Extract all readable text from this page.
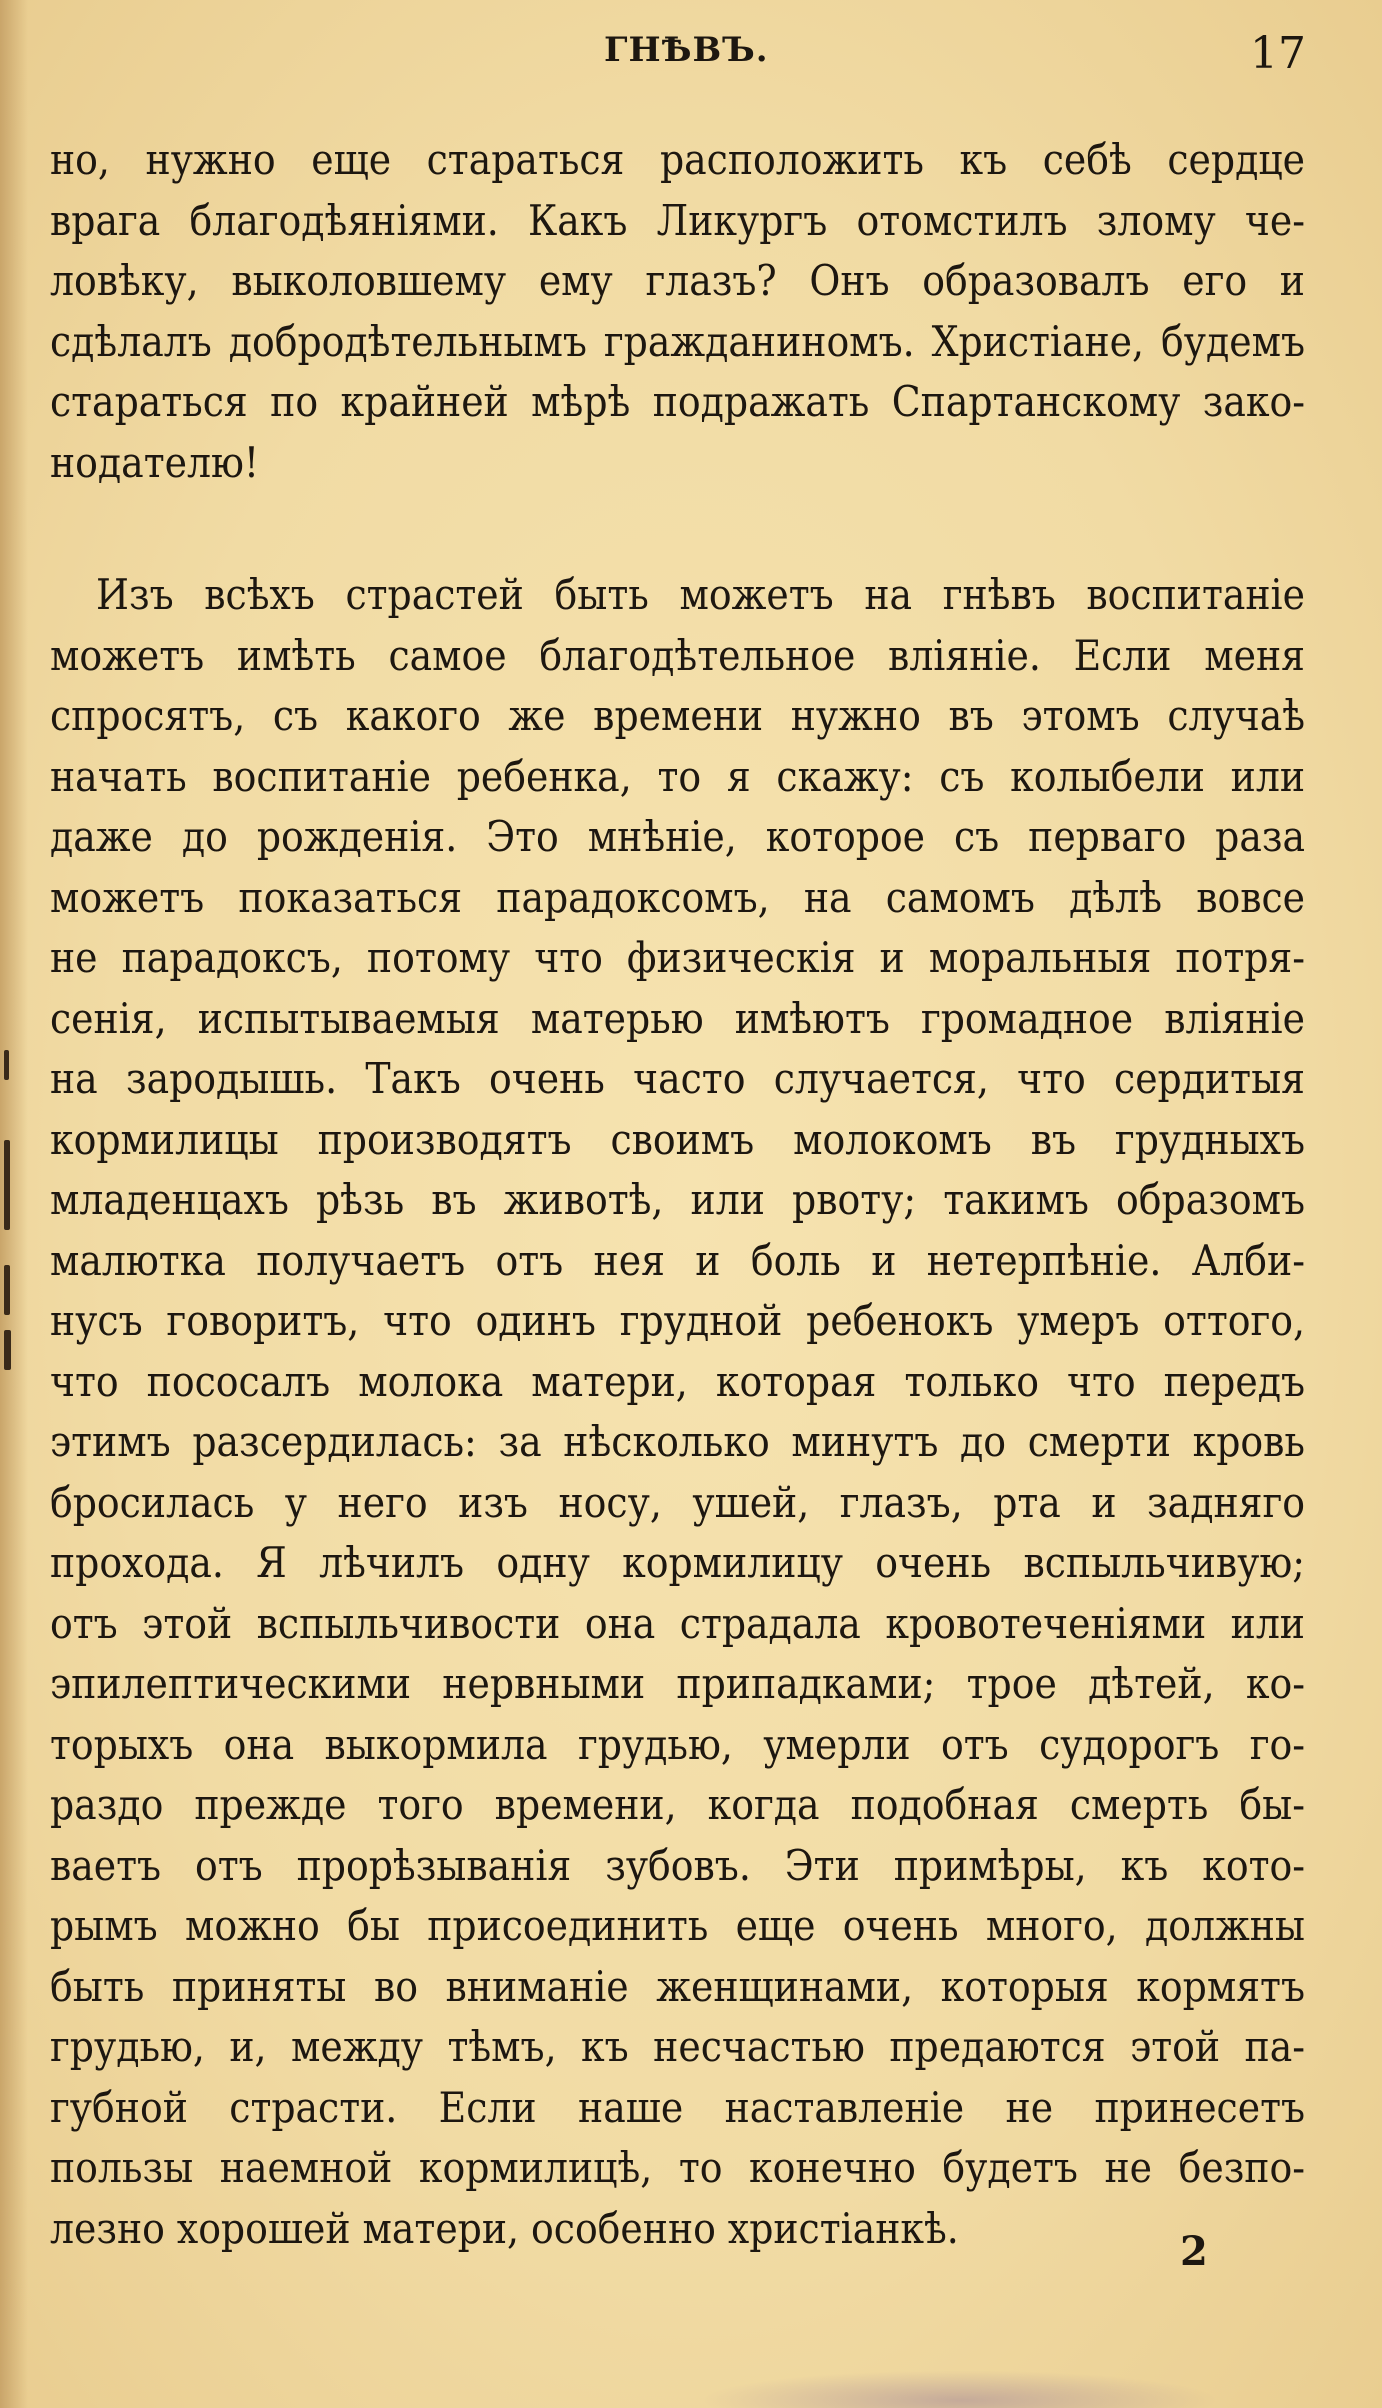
ГНѢВЪ.	17
но, нужно еще стараться расположить къ себѣ сердце
врага благодѣяніями. Какъ Ликургъ отомстилъ злому че-
ловѣку, выколовшему ему глазъ? Онъ образовалъ его и
сдѣлалъ добродѣтельнымъ гражданиномъ. Христіане, будемъ
стараться по крайней мѣрѣ подражать Спартанскому зако-
нодателю!
Изъ всѣхъ страстей быть можетъ на гнѣвъ воспитаніе
можетъ имѣть самое благодѣтельное вліяніе. Если меня
спросятъ, съ какого же времени нужно въ этомъ случаѣ
начать воспитаніе ребенка, то я скажу: съ колыбели или
даже до рожденія. Это мнѣніе, которое съ перваго раза
можетъ показаться парадоксомъ, на самомъ дѣлѣ вовсе
не парадоксъ, потому что физическія и моральныя потря-
сенія, испытываемыя матерью имѣютъ громадное вліяніе
на зародышь. Такъ очень часто случается, что сердитыя
кормилицы производятъ своимъ молокомъ въ грудныхъ
младенцахъ рѣзь въ животѣ, или рвоту; такимъ образомъ
малютка получаетъ отъ нея и боль и нетерпѣніе. Алби-
нусъ говоритъ, что одинъ грудной ребенокъ умеръ оттого,
что пососалъ молока матери, которая только что передъ
этимъ разсердилась: за нѣсколько минутъ до смерти кровь
бросилась у него изъ носу, ушей, глазъ, рта и задняго
прохода. Я лѣчилъ одну кормилицу очень вспыльчивую;
отъ этой вспыльчивости она страдала кровотеченіями или
эпилептическими нервными припадками; трое дѣтей, ко-
торыхъ она выкормила грудью, умерли отъ судорогъ го-
раздо прежде того времени, когда подобная смерть бы-
ваетъ отъ прорѣзыванія зубовъ. Эти примѣры, къ кото-
рымъ можно бы присоединить еще очень много, должны
быть приняты во вниманіе женщинами, которыя кормятъ
грудью, и, между тѣмъ, къ несчастью предаются этой па-
губной страсти. Если наше наставленіе не принесетъ
пользы наемной кормилицѣ, то конечно будетъ не безпо-
лезно хорошей матери, особенно христіанкѣ.	2
